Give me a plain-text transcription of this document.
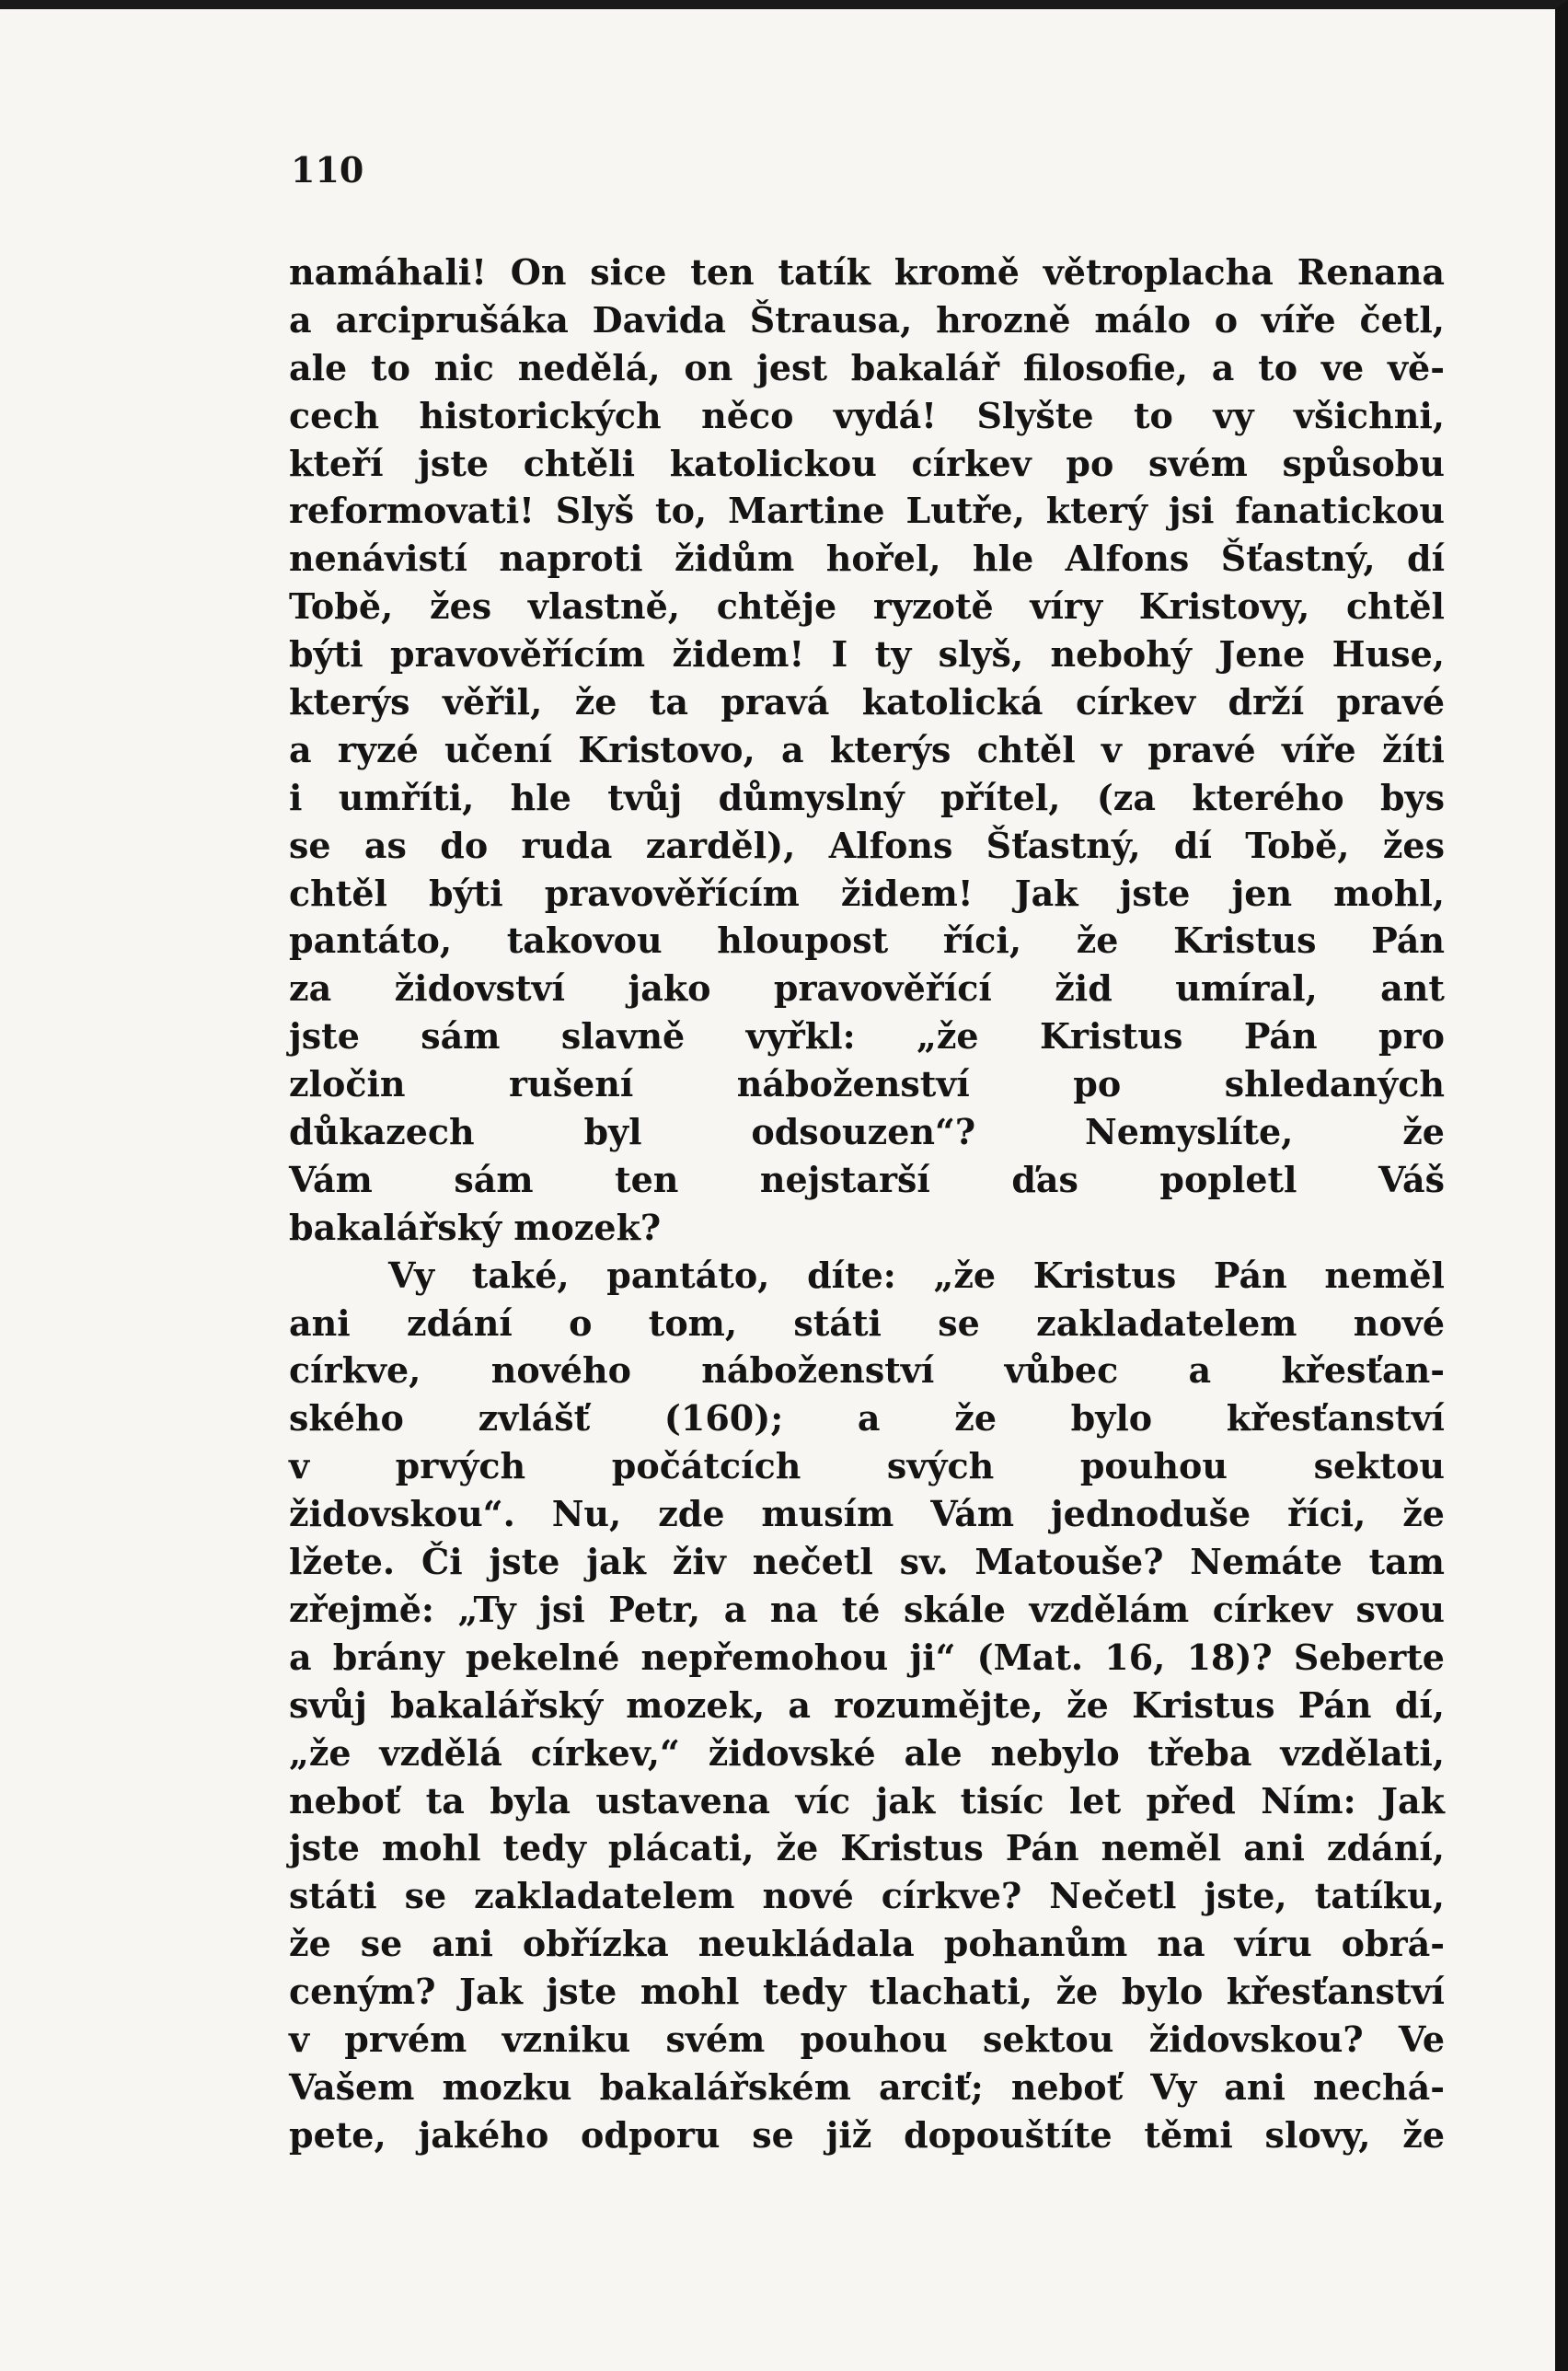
110
namáhali! On sice ten tatík kromě větroplacha Renana
a arciprušáka Davida Štrausa, hrozně málo o víře četl,
ale to nic nedělá, on jest bakalář filosofie, a to ve vě-
cech historických něco vydá! Slyšte to vy všichni,
kteří jste chtěli katolickou církev po svém spůsobu
reformovati! Slyš to, Martine Lutře, který jsi fanatickou
nenávistí naproti židům hořel, hle Alfons Šťastný, dí
Tobě, žes vlastně, chtěje ryzotě víry Kristovy, chtěl
býti pravověřícím židem! I ty slyš, nebohý Jene Huse,
kterýs věřil, že ta pravá katolická církev drží pravé
a ryzé učení Kristovo, a kterýs chtěl v pravé víře žíti
i umříti, hle tvůj důmyslný přítel, (za kterého bys
se as do ruda zarděl), Alfons Šťastný, dí Tobě, žes
chtěl býti pravověřícím židem! Jak jste jen mohl,
pantáto, takovou hloupost říci, že Kristus Pán
za židovství jako pravověřící žid umíral, ant
jste sám slavně vyřkl: „že Kristus Pán pro
zločin rušení náboženství po shledaných
důkazech byl odsouzen“? Nemyslíte, že
Vám sám ten nejstarší ďas popletl Váš
bakalářský mozek?
Vy také, pantáto, díte: „že Kristus Pán neměl
ani zdání o tom, státi se zakladatelem nové
církve, nového náboženství vůbec a křesťan-
ského zvlášť (160); a že bylo křesťanství
v prvých počátcích svých pouhou sektou
židovskou“. Nu, zde musím Vám jednoduše říci, že
lžete. Či jste jak živ nečetl sv. Matouše? Nemáte tam
zřejmě: „Ty jsi Petr, a na té skále vzdělám církev svou
a brány pekelné nepřemohou ji“ (Mat. 16, 18)? Seberte
svůj bakalářský mozek, a rozumějte, že Kristus Pán dí,
„že vzdělá církev,“ židovské ale nebylo třeba vzdělati,
neboť ta byla ustavena víc jak tisíc let před Ním: Jak
jste mohl tedy plácati, že Kristus Pán neměl ani zdání,
státi se zakladatelem nové církve? Nečetl jste, tatíku,
že se ani obřízka neukládala pohanům na víru obrá-
ceným? Jak jste mohl tedy tlachati, že bylo křesťanství
v prvém vzniku svém pouhou sektou židovskou? Ve
Vašem mozku bakalářském arciť; neboť Vy ani nechá-
pete, jakého odporu se již dopouštíte těmi slovy, že
